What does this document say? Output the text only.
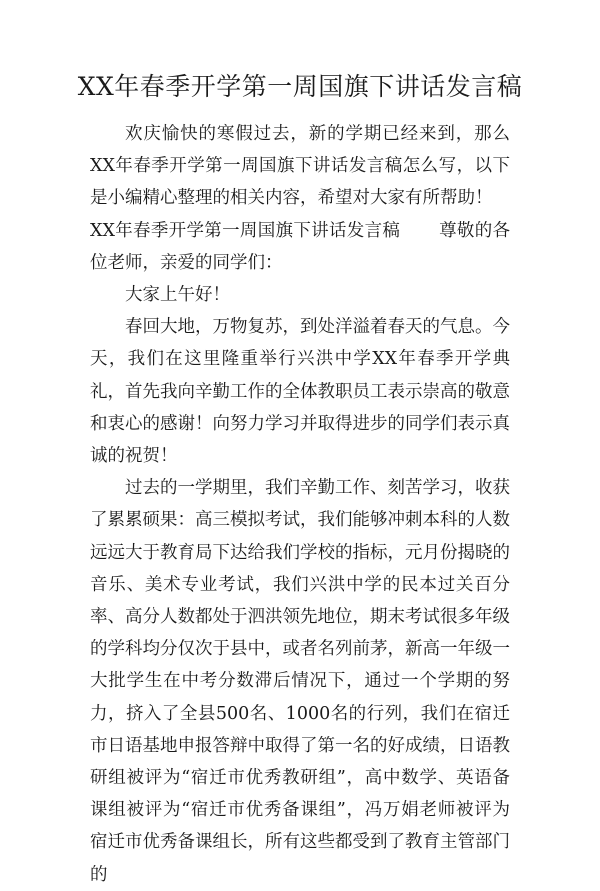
XX年春季开学第一周国旗下讲话发言稿

欢庆愉快的寒假过去，新的学期已经来到，那么XX年春季开学第一周国旗下讲话发言稿怎么写，以下是小编精心整理的相关内容，希望对大家有所帮助！

XX年春季开学第一周国旗下讲话发言稿 尊敬的各位老师，亲爱的同学们：

大家上午好！

春回大地，万物复苏，到处洋溢着春天的气息。今天，我们在这里隆重举行兴洪中学XX年春季开学典礼，首先我向辛勤工作的全体教职员工表示崇高的敬意和衷心的感谢！向努力学习并取得进步的同学们表示真诚的祝贺！

过去的一学期里，我们辛勤工作、刻苦学习，收获了累累硕果：高三模拟考试，我们能够冲刺本科的人数远远大于教育局下达给我们学校的指标，元月份揭晓的音乐、美术专业考试，我们兴洪中学的民本过关百分率、高分人数都处于泗洪领先地位，期末考试很多年级的学科均分仅次于县中，或者名列前茅，新高一年级一大批学生在中考分数滞后情况下，通过一个学期的努力，挤入了全县500名、1000名的行列，我们在宿迁市日语基地申报答辩中取得了第一名的好成绩，日语教研组被评为“宿迁市优秀教研组”，高中数学、英语备课组被评为“宿迁市优秀备课组”，冯万娟老师被评为宿迁市优秀备课组长，所有这些都受到了教育主管部门的
